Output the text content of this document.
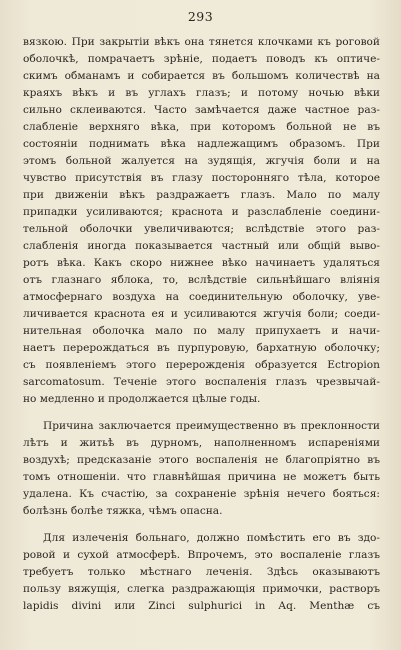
293
вязкою. При закрытіи вѣкъ она тянется клочками къ роговой
оболочкѣ, помрачаетъ зрѣніе, подаетъ поводъ къ оптиче-
скимъ обманамъ и собирается въ большомъ количествѣ на
краяхъ вѣкъ и въ углахъ глазъ; и потому ночью вѣки
сильно склеиваются. Часто замѣчается даже частное раз-
слабленіе верхняго вѣка, при которомъ больной не въ
состояніи поднимать вѣка надлежащимъ образомъ. При
этомъ больной жалуется на зудящія, жгучія боли и на
чувство присутствія въ глазу посторонняго тѣла, которое
при движеніи вѣкъ раздражаетъ глазъ. Мало по малу
припадки усиливаются; краснота и разслабленіе соедини-
тельной оболочки увеличиваются; вслѣдствіе этого раз-
слабленія иногда показывается частный или общій выво-
ротъ вѣка. Какъ скоро нижнее вѣко начинаетъ удаляться
отъ глазнаго яблока, то, вслѣдствіе сильнѣйшаго вліянія
атмосфернаго воздуха на соединительную оболочку, уве-
личивается краснота ея и усиливаются жгучія боли; соеди-
нительная оболочка мало по малу припухаетъ и начи-
наетъ перерождаться въ пурпуровую, бархатную оболочку;
съ появленіемъ этого перерожденія образуется Ectropion
sarcomatosum. Теченіе этого воспаленія глазъ чрезвычай-
но медленно и продолжается цѣлые годы.
Причина заключается преимущественно въ преклонности
лѣтъ и житьѣ въ дурномъ, наполненномъ испареніями
воздухѣ; предсказаніе этого воспаленія не благопріятно въ
томъ отношеніи. что главнѣйшая причина не можетъ быть
удалена. Къ счастію, за сохраненіе зрѣнія нечего бояться:
болѣзнь болѣе тяжка, чѣмъ опасна.
Для излеченія больнаго, должно помѣстить его въ здо-
ровой и сухой атмосферѣ. Впрочемъ, это воспаленіе глазъ
требуетъ только мѣстнаго леченія. Здѣсь оказываютъ
пользу вяжущія, слегка раздражающія примочки, растворъ
lapidis divini или Zinci sulphurici in Aq. Menthæ съ
